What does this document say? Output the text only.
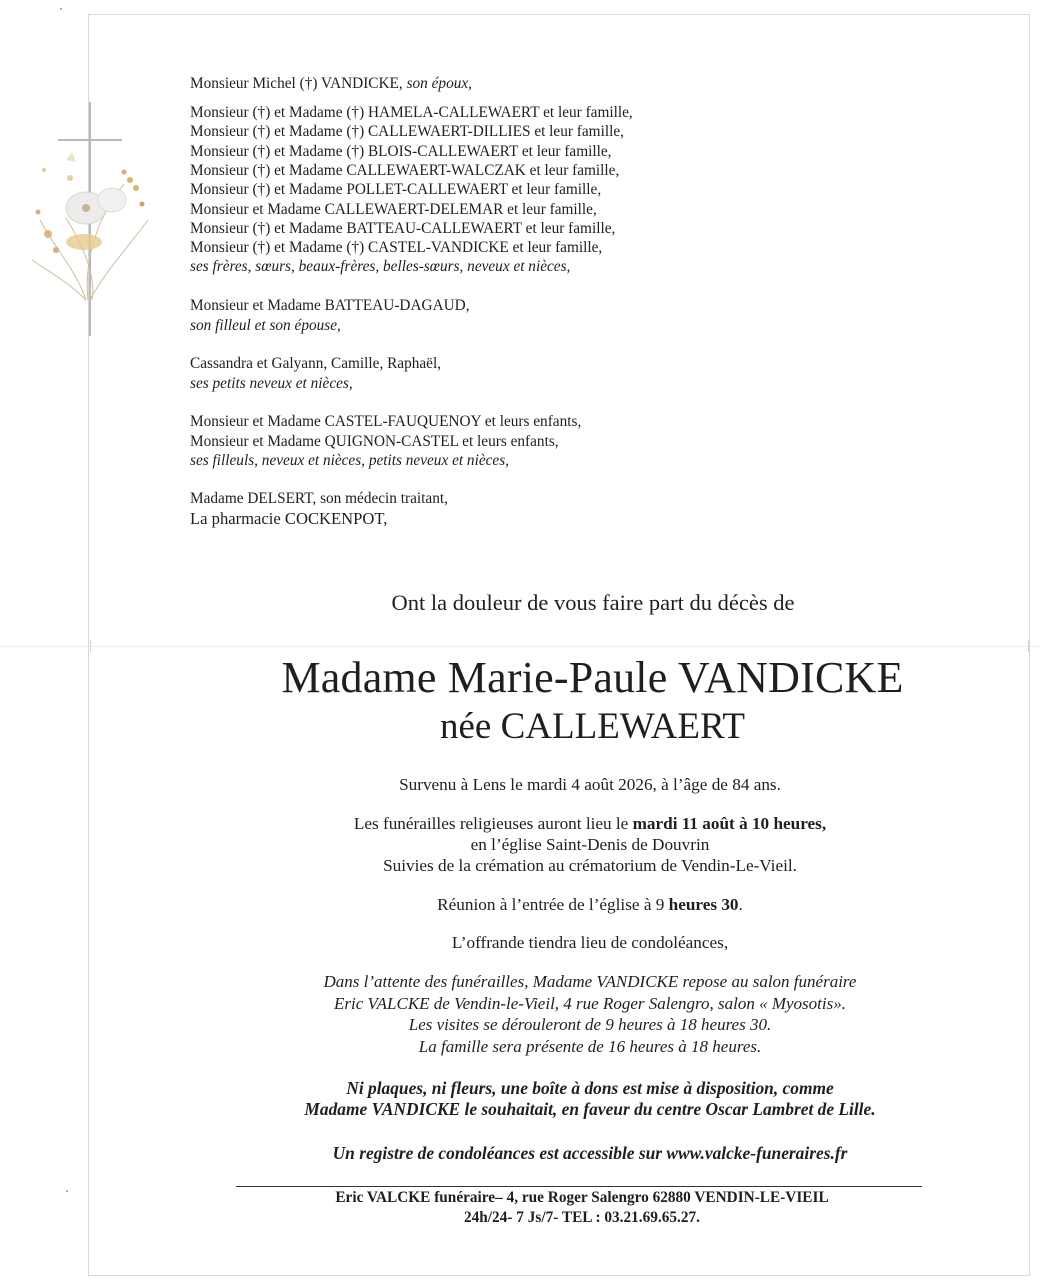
Monsieur Michel (†) VANDICKE, son époux,
Monsieur (†) et Madame (†) HAMELA-CALLEWAERT et leur famille,
Monsieur (†) et Madame (†) CALLEWAERT-DILLIES et leur famille,
Monsieur (†) et Madame (†) BLOIS-CALLEWAERT et leur famille,
Monsieur (†) et Madame CALLEWAERT-WALCZAK et leur famille,
Monsieur (†) et Madame POLLET-CALLEWAERT et leur famille,
Monsieur et Madame CALLEWAERT-DELEMAR et leur famille,
Monsieur (†) et Madame BATTEAU-CALLEWAERT et leur famille,
Monsieur (†) et Madame (†) CASTEL-VANDICKE et leur famille,
ses frères, sœurs, beaux-frères, belles-sœurs, neveux et nièces,
Monsieur et Madame BATTEAU-DAGAUD,
son filleul et son épouse,
Cassandra et Galyann, Camille, Raphaël,
ses petits neveux et nièces,
Monsieur et Madame CASTEL-FAUQUENOY et leurs enfants,
Monsieur et Madame QUIGNON-CASTEL et leurs enfants,
ses filleuls, neveux et nièces, petits neveux et nièces,
Madame DELSERT, son médecin traitant,
La pharmacie COCKENPOT,
Ont la douleur de vous faire part du décès de
Madame Marie-Paule VANDICKE
née CALLEWAERT
Survenu à Lens le mardi 4 août 2026, à l’âge de 84 ans.
Les funérailles religieuses auront lieu le mardi 11 août à 10 heures,
en l’église Saint-Denis de Douvrin
Suivies de la crémation au crématorium de Vendin-Le-Vieil.
Réunion à l’entrée de l’église à 9 heures 30.
L’offrande tiendra lieu de condoléances,
Dans l’attente des funérailles, Madame VANDICKE repose au salon funéraire
Eric VALCKE de Vendin-le-Vieil, 4 rue Roger Salengro, salon « Myosotis».
Les visites se dérouleront de 9 heures à 18 heures 30.
La famille sera présente de 16 heures à 18 heures.
Ni plaques, ni fleurs, une boîte à dons est mise à disposition, comme
Madame VANDICKE le souhaitait, en faveur du centre Oscar Lambret de Lille.
Un registre de condoléances est accessible sur www.valcke-funeraires.fr
Eric VALCKE funéraire– 4, rue Roger Salengro 62880 VENDIN-LE-VIEIL
24h/24- 7 Js/7- TEL : 03.21.69.65.27.
